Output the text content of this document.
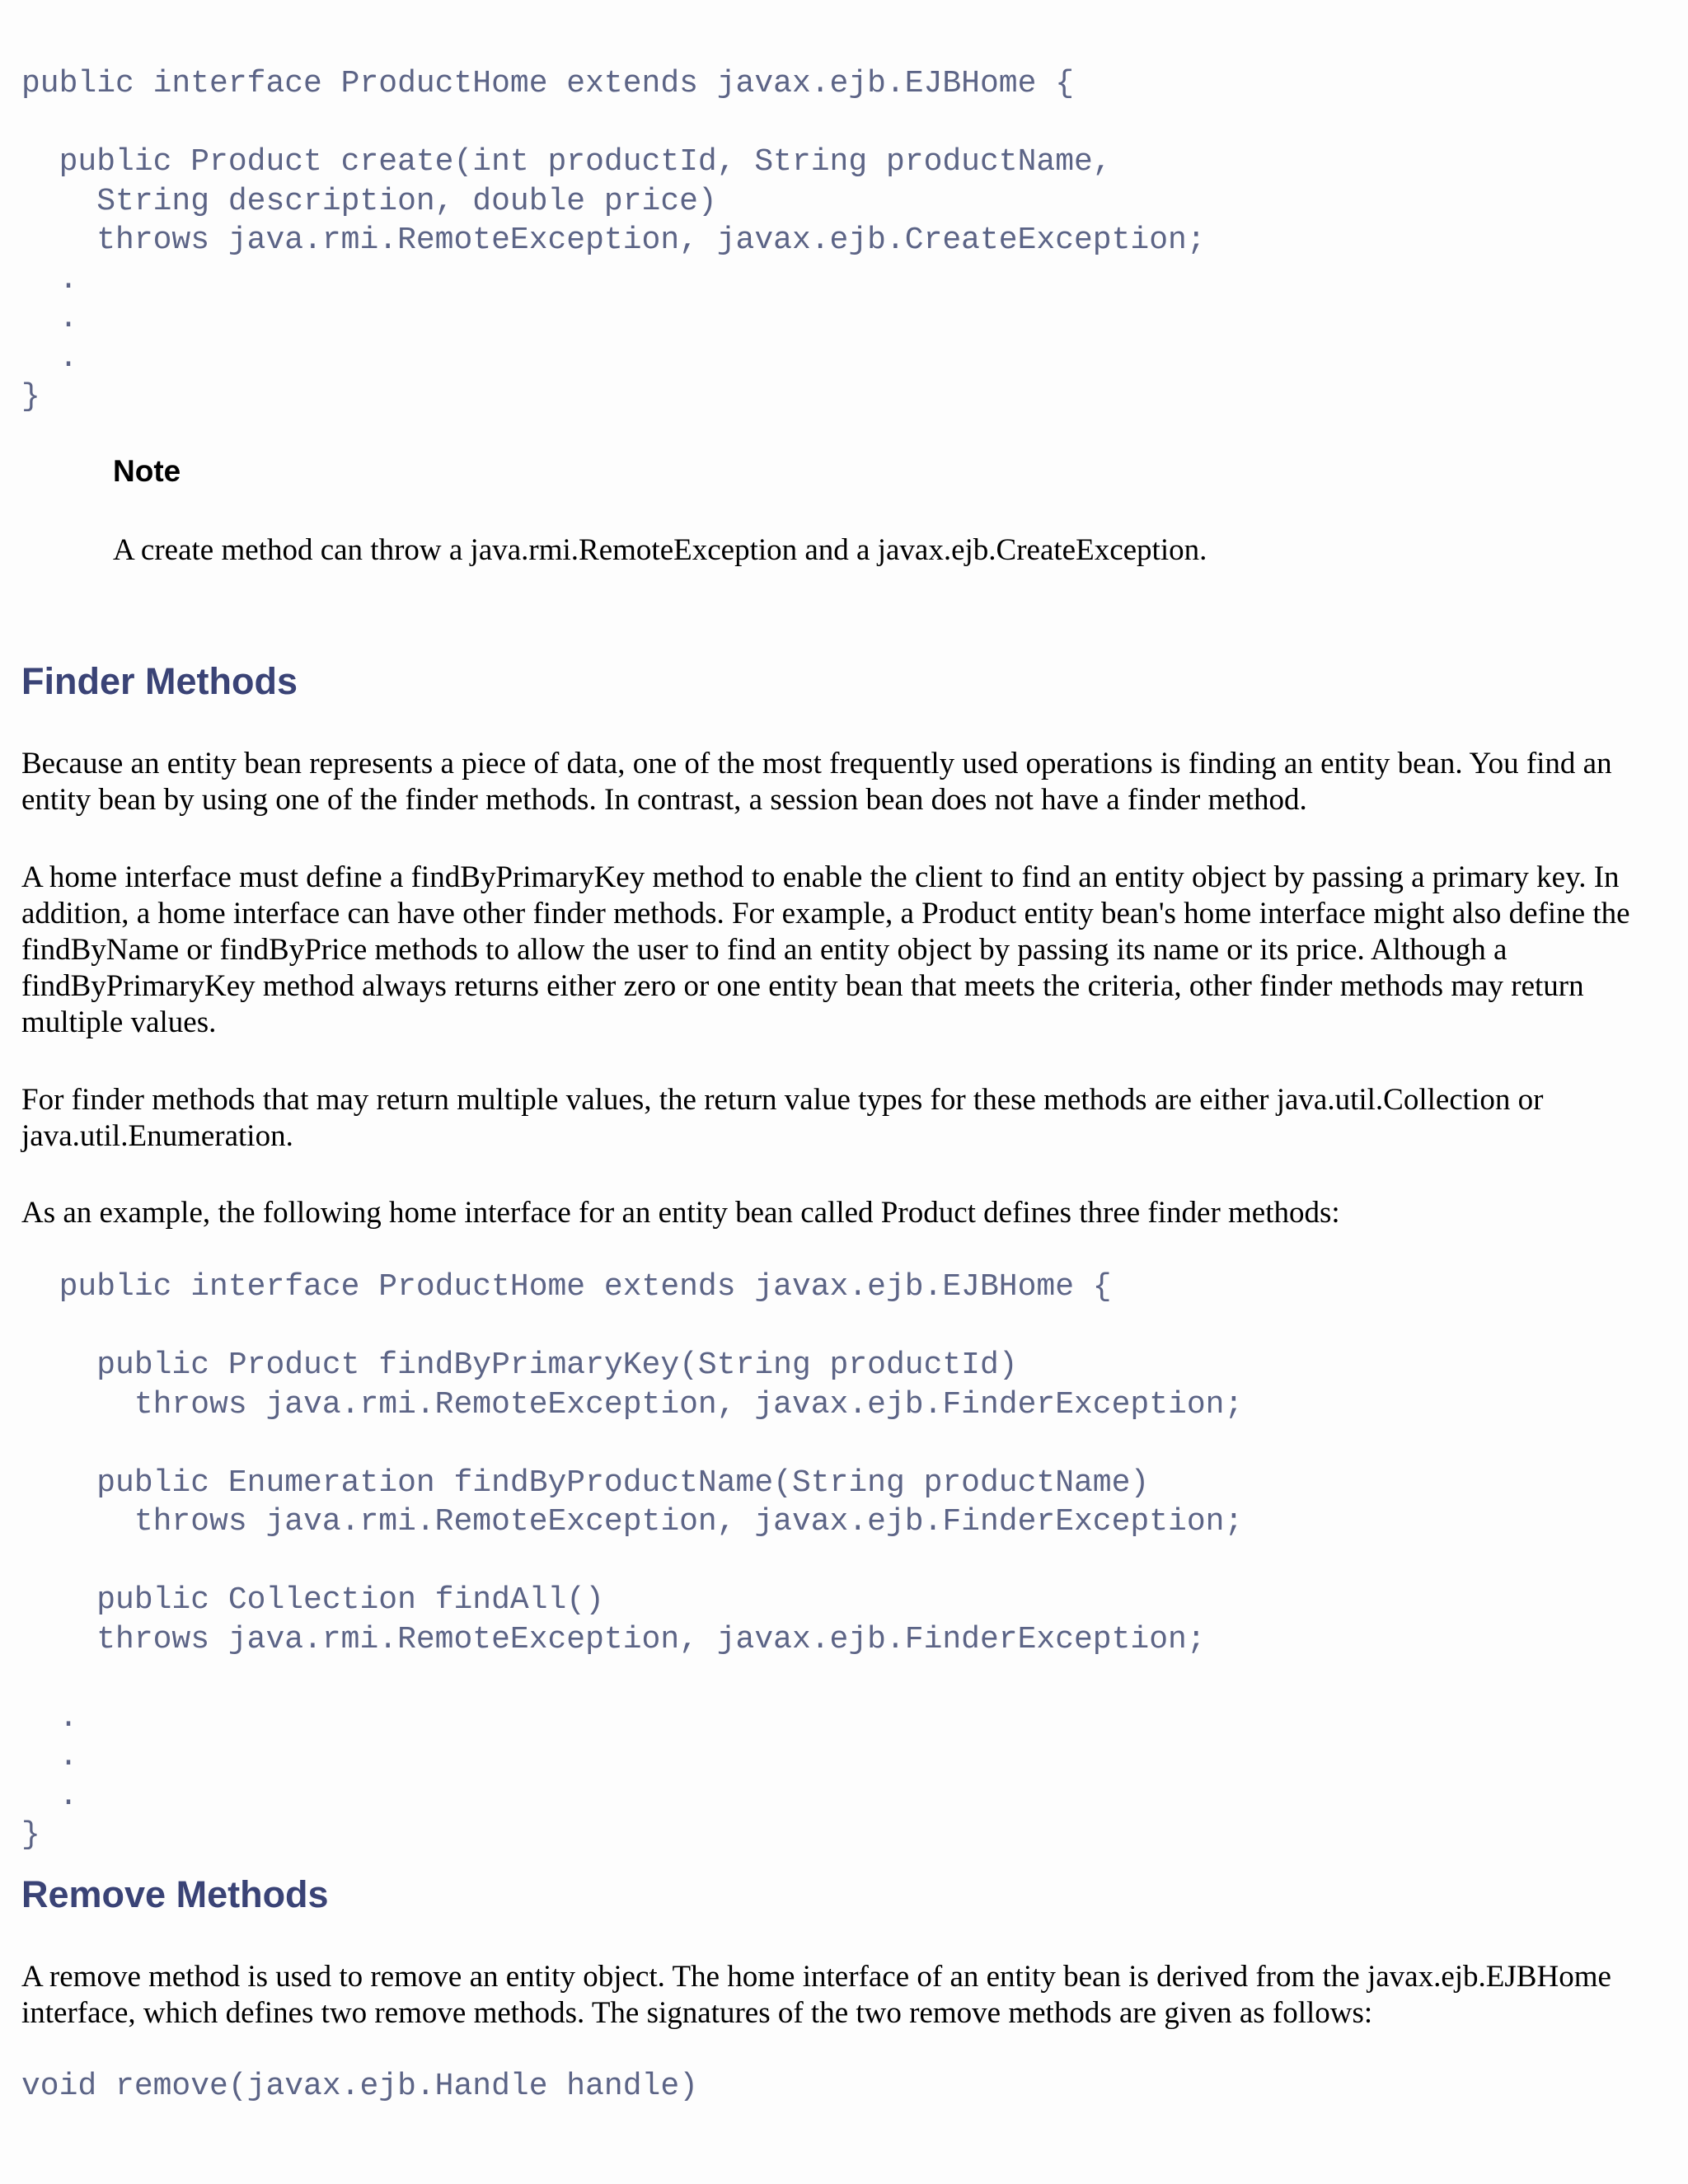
public interface ProductHome extends javax.ejb.EJBHome {

public Product create(int productId, String productName,
String description, double price)
throws java.rmi.RemoteException, javax.ejb.CreateException;
.
.
.
}

Note

A create method can throw a java.rmi.RemoteException and a javax.ejb.CreateException.

Finder Methods

Because an entity bean represents a piece of data, one of the most frequently used operations is finding an entity bean. You find an entity bean by using one of the finder methods. In contrast, a session bean does not have a finder method.

A home interface must define a findByPrimaryKey method to enable the client to find an entity object by passing a primary key. In addition, a home interface can have other finder methods. For example, a Product entity bean's home interface might also define the findByName or findByPrice methods to allow the user to find an entity object by passing its name or its price. Although a findByPrimaryKey method always returns either zero or one entity bean that meets the criteria, other finder methods may return multiple values.

For finder methods that may return multiple values, the return value types for these methods are either java.util.Collection or java.util.Enumeration.

As an example, the following home interface for an entity bean called Product defines three finder methods:

public interface ProductHome extends javax.ejb.EJBHome {

public Product findByPrimaryKey(String productId)
throws java.rmi.RemoteException, javax.ejb.FinderException;

public Enumeration findByProductName(String productName)
throws java.rmi.RemoteException, javax.ejb.FinderException;

public Collection findAll()
throws java.rmi.RemoteException, javax.ejb.FinderException;

.
.
.
}
Remove Methods

A remove method is used to remove an entity object. The home interface of an entity bean is derived from the javax.ejb.EJBHome interface, which defines two remove methods. The signatures of the two remove methods are given as follows:

void remove(javax.ejb.Handle handle)
